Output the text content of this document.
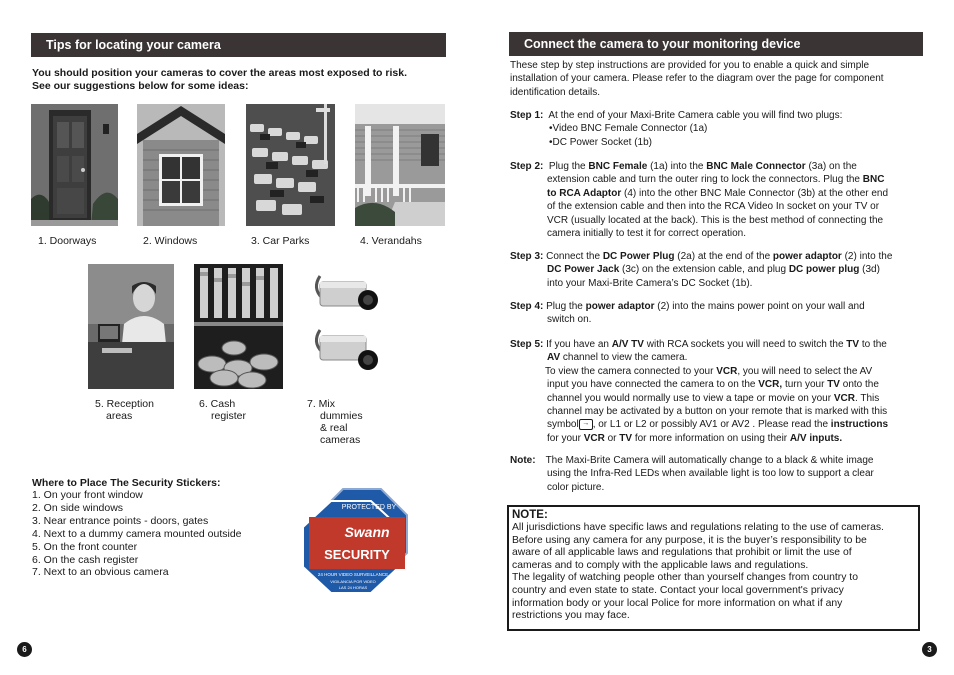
Tips for locating your camera
You should position your cameras to cover the areas most exposed to risk.
See our suggestions below for some ideas:
1. Doorways	2. Windows	3. Car Parks	4. Verandahs
5. Reception
areas
6. Cash
register
7. Mix
dummies
& real
cameras
Where to Place The Security Stickers:
1. On your front window
2. On side windows
3. Near entrance points - doors, gates
4. Next to a dummy camera mounted outside
5. On the front counter
6. On the cash register
7. Next to an obvious camera
PROTECTED BY
Swann
SECURITY
24 HOUR VIDEO SURVEILLANCE
VIGILANCIA POR VIDEO
LAS 24 HORAS
6
Connect the camera to your monitoring device
These step by step instructions are provided for you to enable a quick and simple
installation of your camera. Please refer to the diagram over the page for component
identification details.
Step 1: At the end of your Maxi-Brite Camera cable you will find two plugs:
•Video BNC Female Connector (1a)
•DC Power Socket (1b)
Step 2: Plug the BNC Female (1a) into the BNC Male Connector (3a) on the
extension cable and turn the outer ring to lock the connectors. Plug the BNC
to RCA Adaptor (4) into the other BNC Male Connector (3b) at the other end
of the extension cable and then into the RCA Video In socket on your TV or
VCR (usually located at the back). This is the best method of connecting the
camera initially to test it for correct operation.
Step 3: Connect the DC Power Plug (2a) at the end of the power adaptor (2) into the
DC Power Jack (3c) on the extension cable, and plug DC power plug (3d)
into your Maxi-Brite Camera’s DC Socket (1b).
Step 4: Plug the power adaptor (2) into the mains power point on your wall and
switch on.
Step 5: If you have an A/V TV with RCA sockets you will need to switch the TV to the
AV channel to view the camera.
To view the camera connected to your VCR, you will need to select the AV
input you have connected the camera to on the VCR, turn your TV onto the
channel you would normally use to view a tape or movie on your VCR. This
channel may be activated by a button on your remote that is marked with this
symbol → , or L1 or L2 or possibly AV1 or AV2 . Please read the instructions
for your VCR or TV for more information on using their A/V inputs.
Note: The Maxi-Brite Camera will automatically change to a black & white image
using the Infra-Red LEDs when available light is too low to support a clear
color picture.
NOTE:
All jurisdictions have specific laws and regulations relating to the use of cameras.
Before using any camera for any purpose, it is the buyer’s responsibility to be
aware of all applicable laws and regulations that prohibit or limit the use of
cameras and to comply with the applicable laws and regulations.
The legality of watching people other than yourself changes from country to
country and even state to state. Contact your local government's privacy
information body or your local Police for more information on what if any
restrictions you may face.
3
